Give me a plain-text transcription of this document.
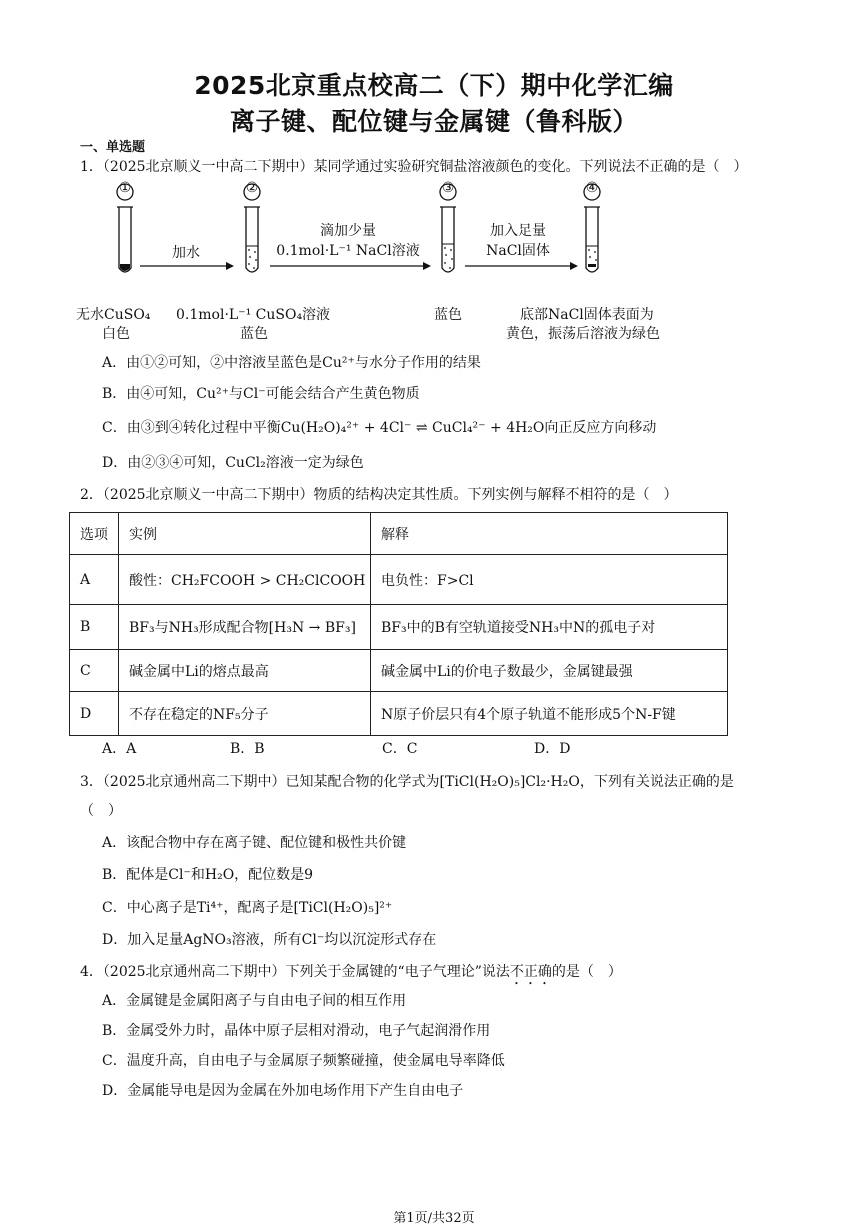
2025北京重点校高二（下）期中化学汇编
离子键、配位键与金属键（鲁科版）
一、单选题
1．（2025北京顺义一中高二下期中）某同学通过实验研究铜盐溶液颜色的变化。下列说法不正确的是（　）
①	②	③	④
加水
滴加少量
0.1mol·L⁻¹ NaCl溶液
加入足量
NaCl固体
无水CuSO₄
白色
0.1mol·L⁻¹ CuSO₄溶液
蓝色
蓝色	底部NaCl固体表面为
黄色，振荡后溶液为绿色
A．由①②可知，②中溶液呈蓝色是Cu²⁺与水分子作用的结果
B．由④可知，Cu²⁺与Cl⁻可能会结合产生黄色物质
C．由③到④转化过程中平衡Cu(H₂O)₄²⁺ + 4Cl⁻ ⇌ CuCl₄²⁻ + 4H₂O向正反应方向移动
D．由②③④可知，CuCl₂溶液一定为绿色
2．（2025北京顺义一中高二下期中）物质的结构决定其性质。下列实例与解释不相符的是（　）
选项	实例	解释
A	酸性：CH₂FCOOH > CH₂ClCOOH	电负性：F>Cl
B	BF₃与NH₃形成配合物[H₃N → BF₃]	BF₃中的B有空轨道接受NH₃中N的孤电子对
C	碱金属中Li的熔点最高	碱金属中Li的价电子数最少，金属键最强
D	不存在稳定的NF₅分子	N原子价层只有4个原子轨道不能形成5个N-F键
A．A	B．B	C．C	D．D
3．（2025北京通州高二下期中）已知某配合物的化学式为[TiCl(H₂O)₅]Cl₂·H₂O，下列有关说法正确的是
（　）
A．该配合物中存在离子键、配位键和极性共价键
B．配体是Cl⁻和H₂O，配位数是9
C．中心离子是Ti⁴⁺，配离子是[TiCl(H₂O)₅]²⁺
D．加入足量AgNO₃溶液，所有Cl⁻均以沉淀形式存在
4．（2025北京通州高二下期中）下列关于金属键的“电子气理论”说法不正确的是（　）
A．金属键是金属阳离子与自由电子间的相互作用
B．金属受外力时，晶体中原子层相对滑动，电子气起润滑作用
C．温度升高，自由电子与金属原子频繁碰撞，使金属电导率降低
D．金属能导电是因为金属在外加电场作用下产生自由电子
第1页/共32页
